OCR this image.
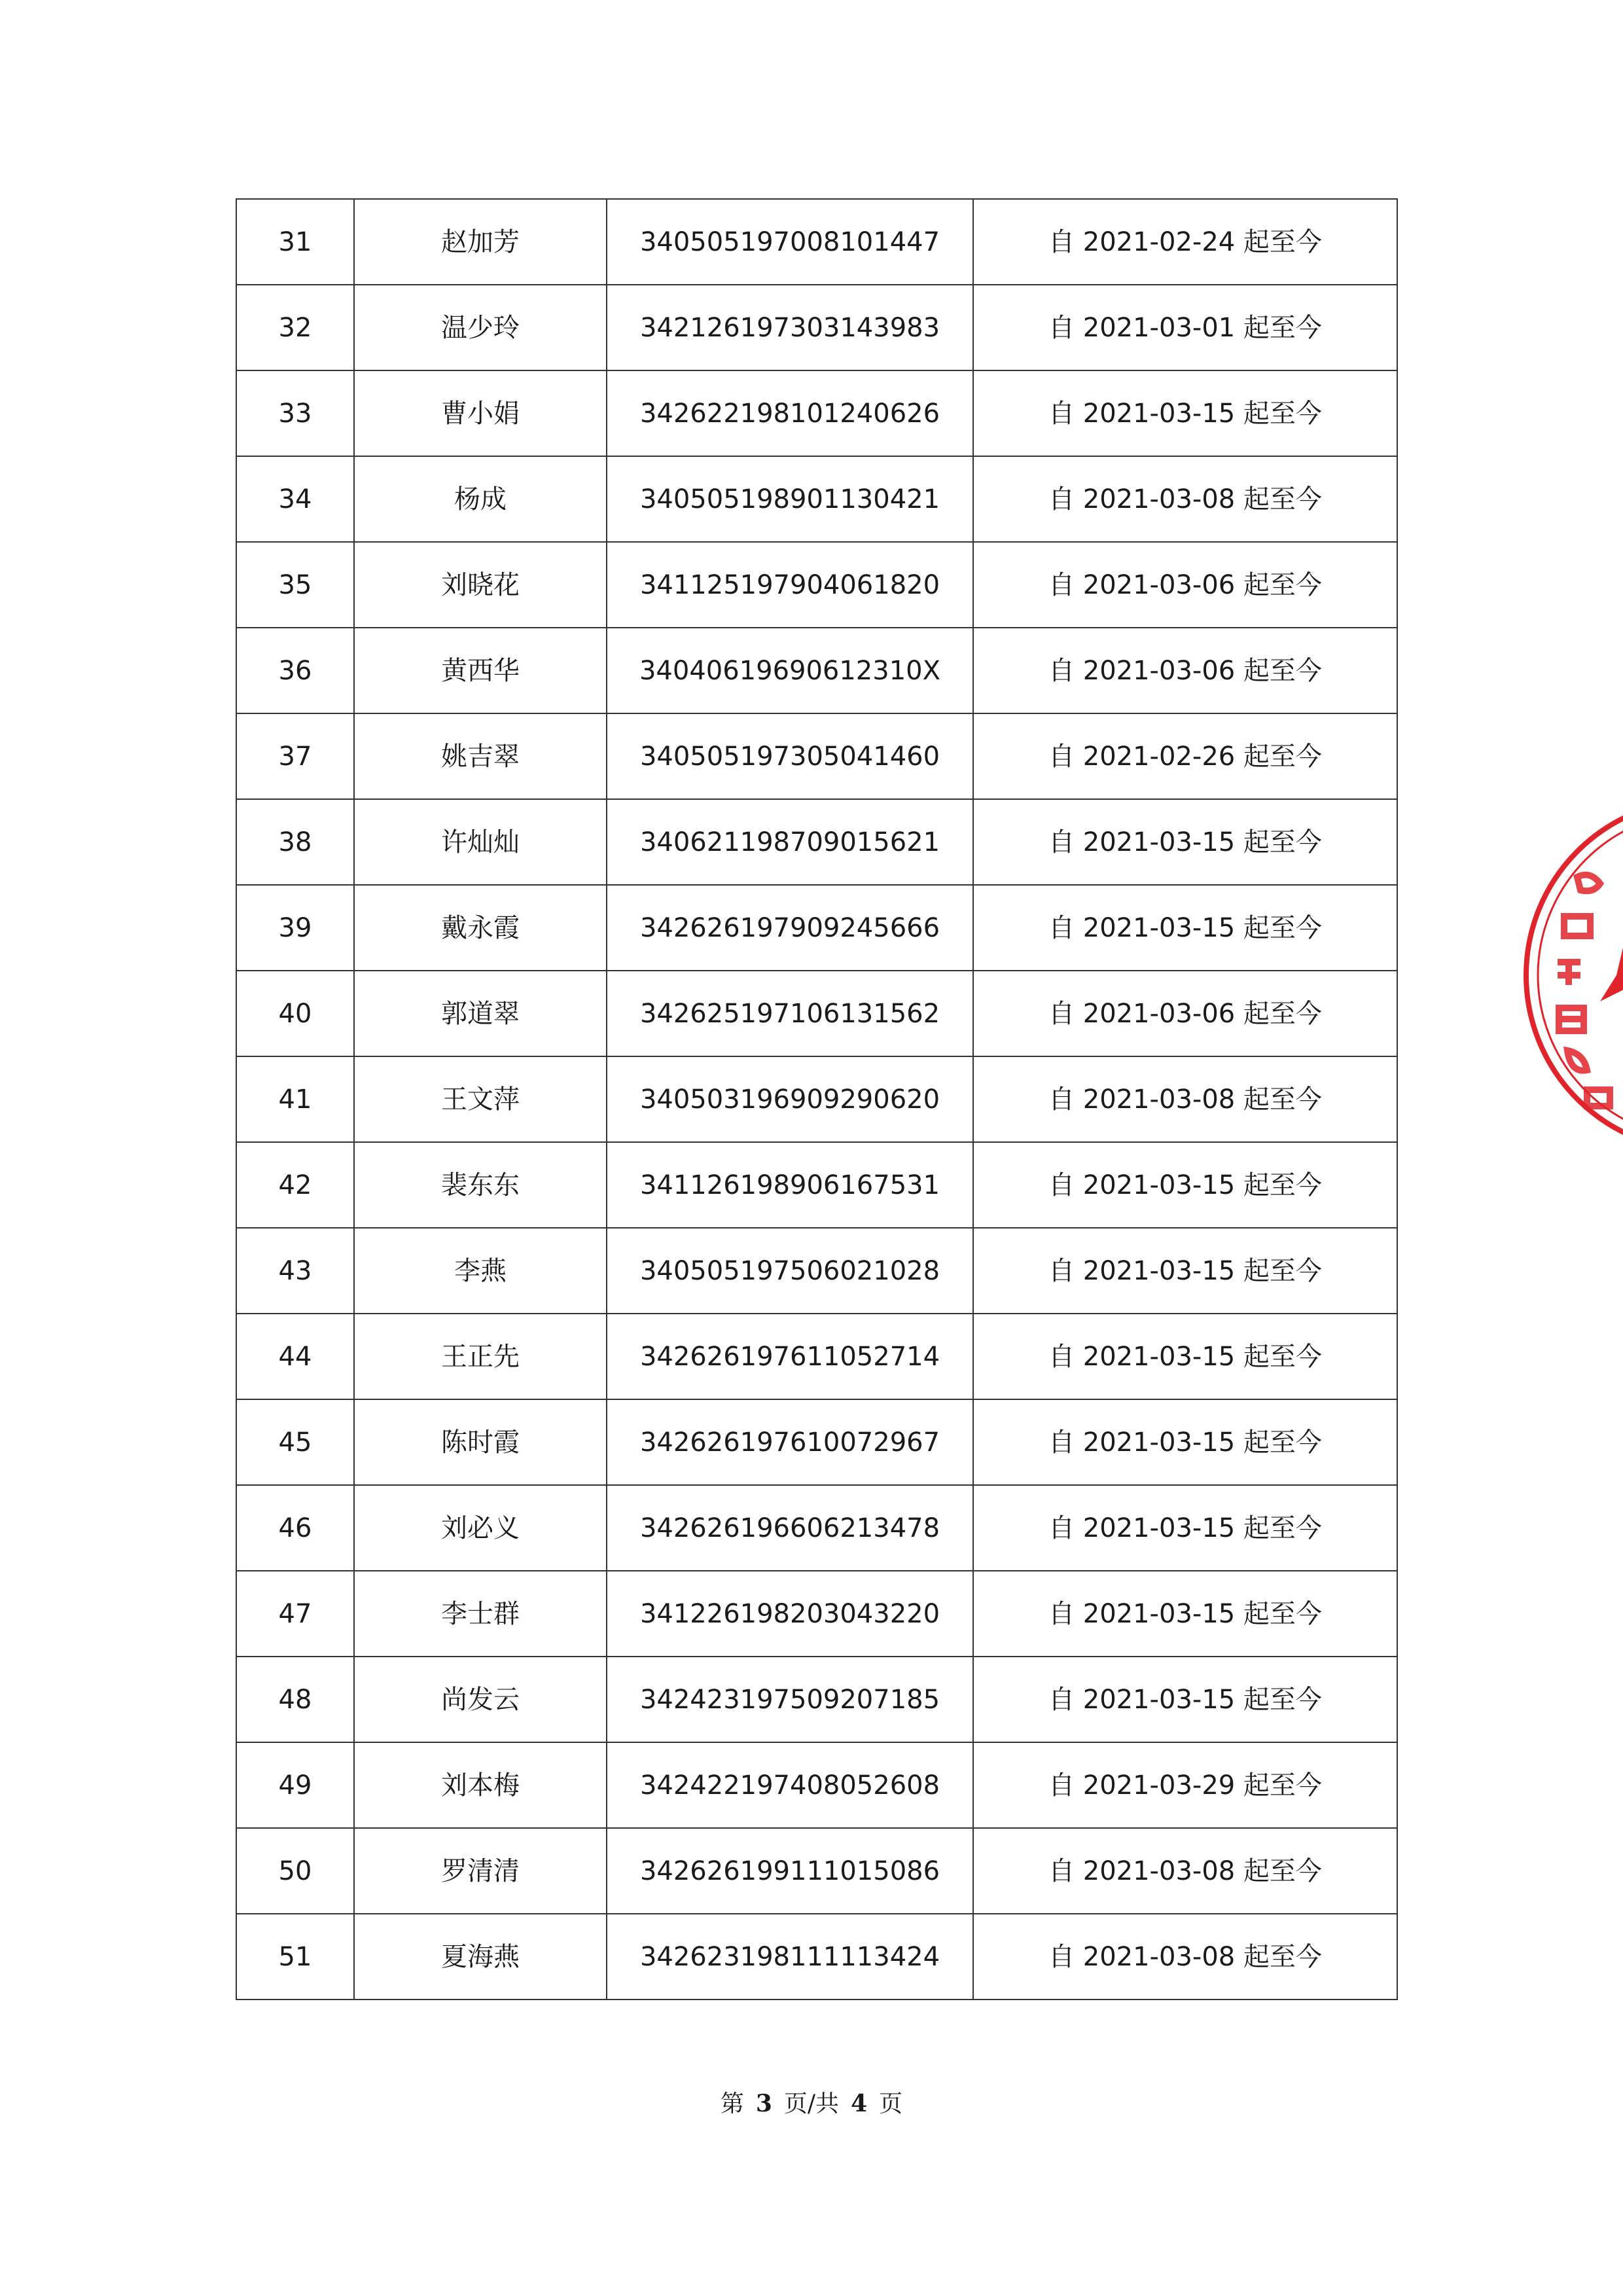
31	赵加芳	340505197008101447	自 2021-02-24 起至今
32	温少玲	342126197303143983	自 2021-03-01 起至今
33	曹小娟	342622198101240626	自 2021-03-15 起至今
34	杨成	340505198901130421	自 2021-03-08 起至今
35	刘晓花	341125197904061820	自 2021-03-06 起至今
36	黄西华	34040619690612310X	自 2021-03-06 起至今
37	姚吉翠	340505197305041460	自 2021-02-26 起至今
38	许灿灿	340621198709015621	自 2021-03-15 起至今
39	戴永霞	342626197909245666	自 2021-03-15 起至今
40	郭道翠	342625197106131562	自 2021-03-06 起至今
41	王文萍	340503196909290620	自 2021-03-08 起至今
42	裴东东	341126198906167531	自 2021-03-15 起至今
43	李燕	340505197506021028	自 2021-03-15 起至今
44	王正先	342626197611052714	自 2021-03-15 起至今
45	陈时霞	342626197610072967	自 2021-03-15 起至今
46	刘必义	342626196606213478	自 2021-03-15 起至今
47	李士群	341226198203043220	自 2021-03-15 起至今
48	尚发云	342423197509207185	自 2021-03-15 起至今
49	刘本梅	342422197408052608	自 2021-03-29 起至今
50	罗清清	342626199111015086	自 2021-03-08 起至今
51	夏海燕	342623198111113424	自 2021-03-08 起至今
第 3 页/共 4 页
